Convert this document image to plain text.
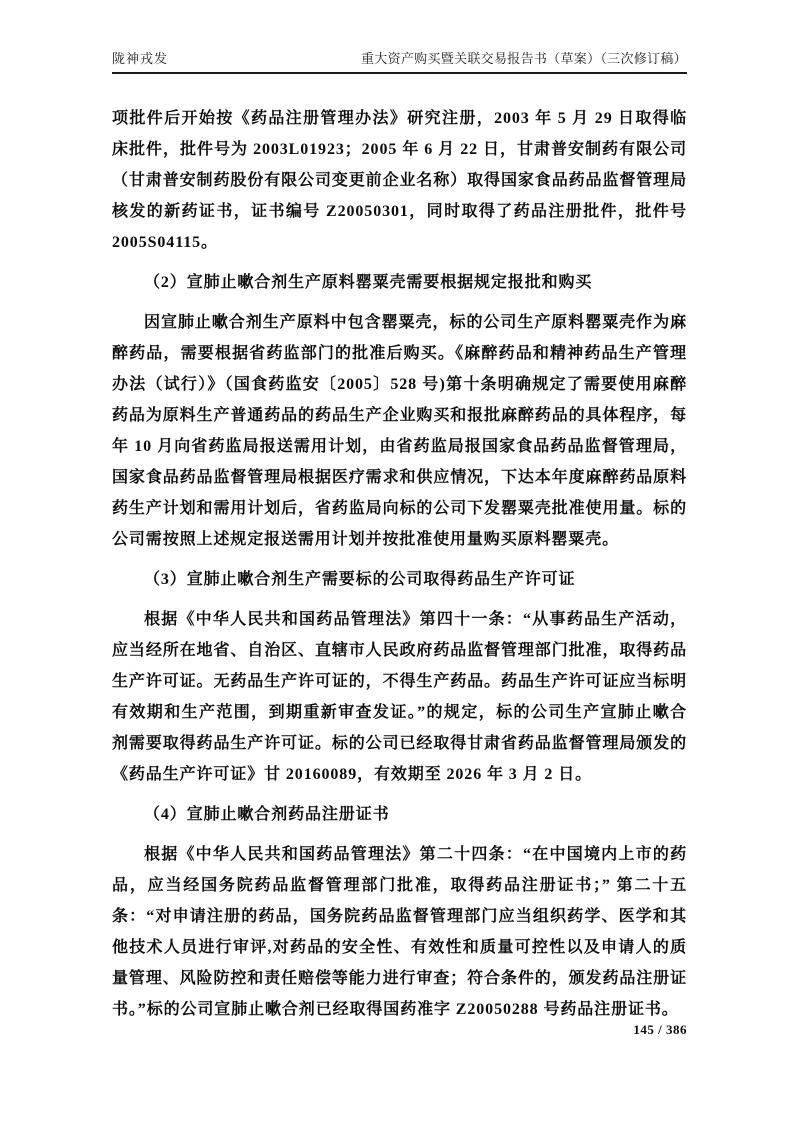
陇神戎发	重大资产购买暨关联交易报告书（草案）（三次修订稿）

项批件后开始按《药品注册管理办法》研究注册，2003 年 5 月 29 日取得临床批件，批件号为 2003L01923；2005 年 6 月 22 日，甘肃普安制药有限公司（甘肃普安制药股份有限公司变更前企业名称）取得国家食品药品监督管理局核发的新药证书，证书编号 Z20050301，同时取得了药品注册批件，批件号 2005S04115。

（2）宣肺止嗽合剂生产原料罂粟壳需要根据规定报批和购买

因宣肺止嗽合剂生产原料中包含罂粟壳，标的公司生产原料罂粟壳作为麻醉药品，需要根据省药监部门的批准后购买。《麻醉药品和精神药品生产管理办法（试行）》（国食药监安〔2005〕528 号)第十条明确规定了需要使用麻醉药品为原料生产普通药品的药品生产企业购买和报批麻醉药品的具体程序，每年 10 月向省药监局报送需用计划，由省药监局报国家食品药品监督管理局，国家食品药品监督管理局根据医疗需求和供应情况，下达本年度麻醉药品原料药生产计划和需用计划后，省药监局向标的公司下发罂粟壳批准使用量。标的公司需按照上述规定报送需用计划并按批准使用量购买原料罂粟壳。

（3）宣肺止嗽合剂生产需要标的公司取得药品生产许可证

根据《中华人民共和国药品管理法》第四十一条：“从事药品生产活动，应当经所在地省、自治区、直辖市人民政府药品监督管理部门批准，取得药品生产许可证。无药品生产许可证的，不得生产药品。药品生产许可证应当标明有效期和生产范围，到期重新审查发证。”的规定，标的公司生产宣肺止嗽合剂需要取得药品生产许可证。标的公司已经取得甘肃省药品监督管理局颁发的《药品生产许可证》甘 20160089，有效期至 2026 年 3 月 2 日。

（4）宣肺止嗽合剂药品注册证书

根据《中华人民共和国药品管理法》第二十四条：“在中国境内上市的药品，应当经国务院药品监督管理部门批准，取得药品注册证书；” 第二十五条：“对申请注册的药品，国务院药品监督管理部门应当组织药学、医学和其他技术人员进行审评,对药品的安全性、有效性和质量可控性以及申请人的质量管理、风险防控和责任赔偿等能力进行审查；符合条件的，颁发药品注册证书。”标的公司宣肺止嗽合剂已经取得国药准字 Z20050288 号药品注册证书。

145 / 386
